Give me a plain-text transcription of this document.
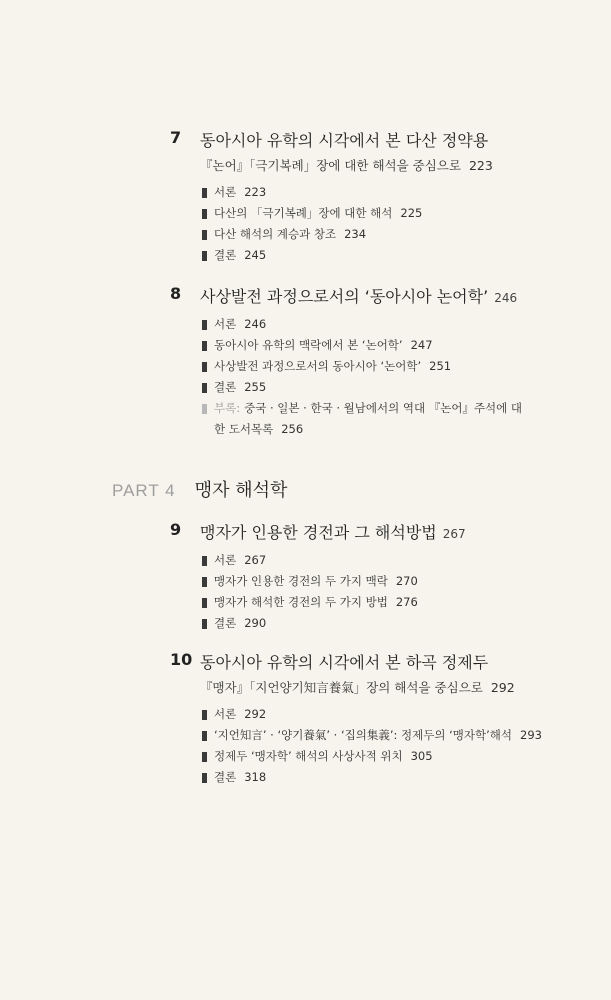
7 동아시아 유학의 시각에서 본 다산 정약용
『논어』「극기복례」장에 대한 해석을 중심으로 223
서론 223
다산의 「극기복례」장에 대한 해석 225
다산 해석의 계승과 창조 234
결론 245
8 사상발전 과정으로서의 ‘동아시아 논어학’ 246
서론 246
동아시아 유학의 맥락에서 본 ‘논어학’ 247
사상발전 과정으로서의 동아시아 ‘논어학’ 251
결론 255
부록: 중국 · 일본 · 한국 · 월남에서의 역대 『논어』주석에 대한 도서목록 256
PART 4 맹자 해석학
9 맹자가 인용한 경전과 그 해석방법 267
서론 267
맹자가 인용한 경전의 두 가지 맥락 270
맹자가 해석한 경전의 두 가지 방법 276
결론 290
10 동아시아 유학의 시각에서 본 하곡 정제두
『맹자』「지언양기知言養氣」장의 해석을 중심으로 292
서론 292
‘지언知言’ · ‘양기養氣’ · ‘집의集義’: 정제두의 ‘맹자학’해석 293
정제두 ‘맹자학’ 해석의 사상사적 위치 305
결론 318
